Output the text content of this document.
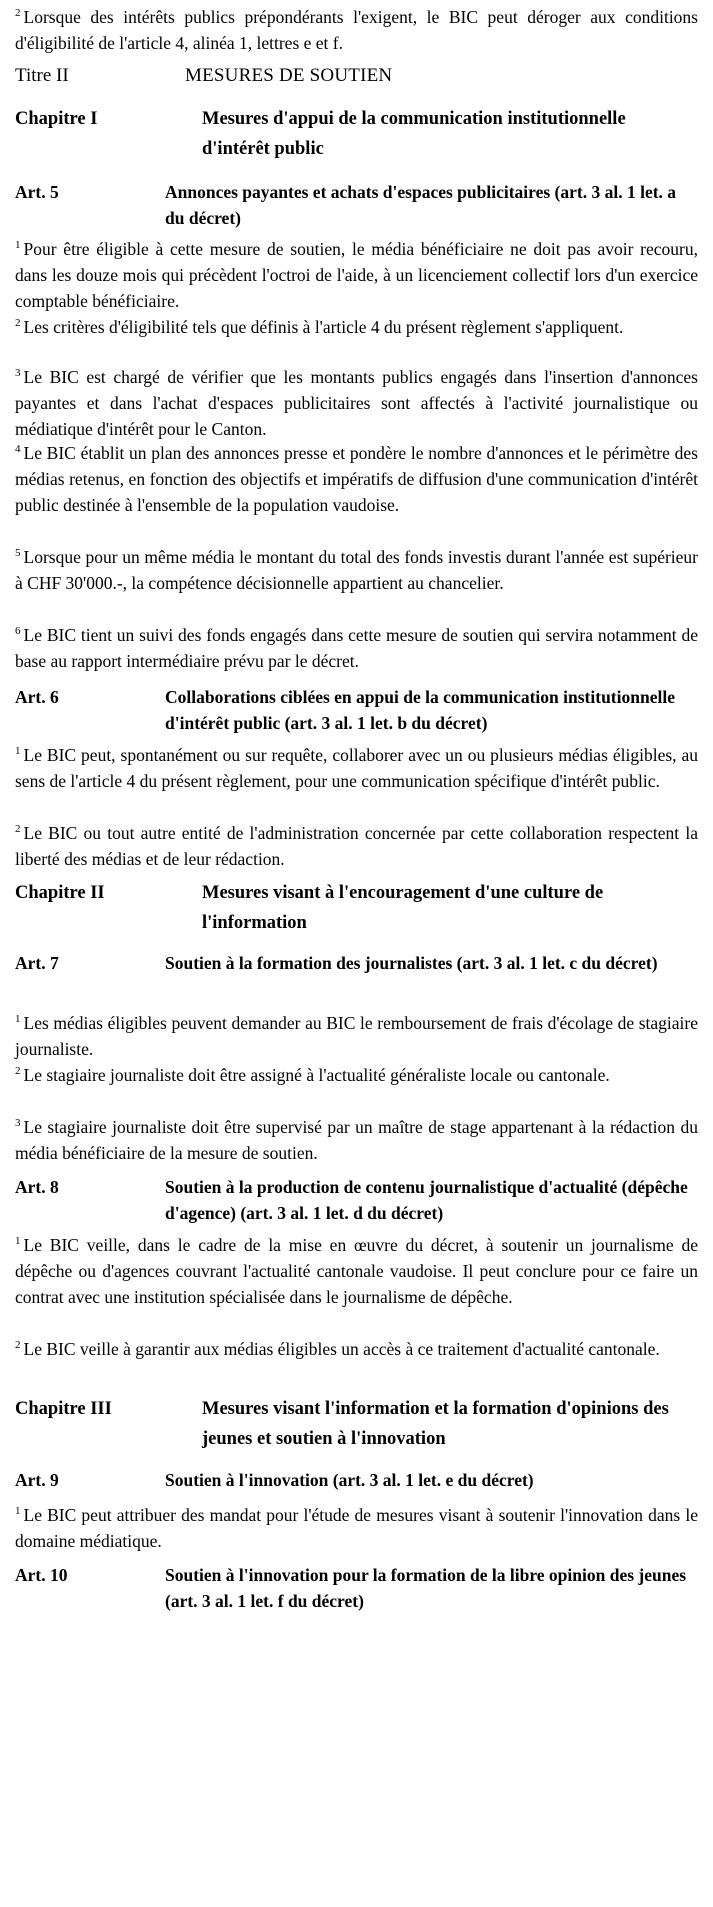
$^2$ Lorsque des intérêts publics prépondérants l'exigent, le BIC peut déroger aux conditions d'éligibilité de l'article 4, alinéa 1, lettres e et f.

Titre II	MESURES DE SOUTIEN
Chapitre I	Mesures d'appui de la communication institutionnelle d'intérêt public
Art. 5	Annonces payantes et achats d'espaces publicitaires (art. 3 al. 1 let. a du décret)

$^1$ Pour être éligible à cette mesure de soutien, le média bénéficiaire ne doit pas avoir recouru, dans les douze mois qui précèdent l'octroi de l'aide, à un licenciement collectif lors d'un exercice comptable bénéficiaire.

$^2$ Les critères d'éligibilité tels que définis à l'article 4 du présent règlement s'appliquent.

$^3$ Le BIC est chargé de vérifier que les montants publics engagés dans l'insertion d'annonces payantes et dans l'achat d'espaces publicitaires sont affectés à l'activité journalistique ou médiatique d'intérêt pour le Canton.

$^4$ Le BIC établit un plan des annonces presse et pondère le nombre d'annonces et le périmètre des médias retenus, en fonction des objectifs et impératifs de diffusion d'une communication d'intérêt public destinée à l'ensemble de la population vaudoise.

$^5$ Lorsque pour un même média le montant du total des fonds investis durant l'année est supérieur à CHF 30'000.-, la compétence décisionnelle appartient au chancelier.

$^6$ Le BIC tient un suivi des fonds engagés dans cette mesure de soutien qui servira notamment de base au rapport intermédiaire prévu par le décret.

Art. 6	Collaborations ciblées en appui de la communication institutionnelle d'intérêt public (art. 3 al. 1 let. b du décret)

$^1$ Le BIC peut, spontanément ou sur requête, collaborer avec un ou plusieurs médias éligibles, au sens de l'article 4 du présent règlement, pour une communication spécifique d'intérêt public.

$^2$ Le BIC ou tout autre entité de l'administration concernée par cette collaboration respectent la liberté des médias et de leur rédaction.

Chapitre II	Mesures visant à l'encouragement d'une culture de l'information
Art. 7	Soutien à la formation des journalistes (art. 3 al. 1 let. c du décret)

$^1$ Les médias éligibles peuvent demander au BIC le remboursement de frais d'écolage de stagiaire journaliste.

$^2$ Le stagiaire journaliste doit être assigné à l'actualité généraliste locale ou cantonale.

$^3$ Le stagiaire journaliste doit être supervisé par un maître de stage appartenant à la rédaction du média bénéficiaire de la mesure de soutien.

Art. 8	Soutien à la production de contenu journalistique d'actualité (dépêche d'agence) (art. 3 al. 1 let. d du décret)

$^1$ Le BIC veille, dans le cadre de la mise en œuvre du décret, à soutenir un journalisme de dépêche ou d'agences couvrant l'actualité cantonale vaudoise. Il peut conclure pour ce faire un contrat avec une institution spécialisée dans le journalisme de dépêche.

$^2$ Le BIC veille à garantir aux médias éligibles un accès à ce traitement d'actualité cantonale.

Chapitre III	Mesures visant l'information et la formation d'opinions des jeunes et soutien à l'innovation
Art. 9	Soutien à l'innovation (art. 3 al. 1 let. e du décret)

$^1$ Le BIC peut attribuer des mandat pour l'étude de mesures visant à soutenir l'innovation dans le domaine médiatique.

Art. 10	Soutien à l'innovation pour la formation de la libre opinion des jeunes (art. 3 al. 1 let. f du décret)
